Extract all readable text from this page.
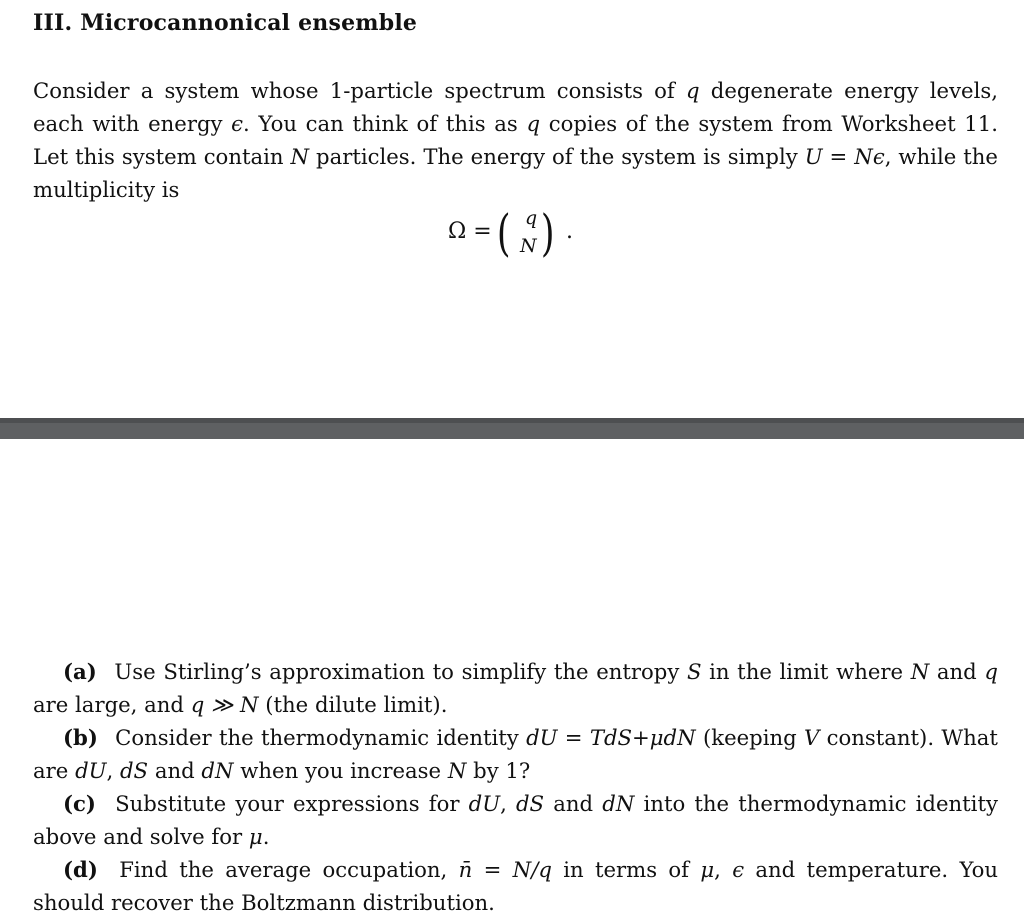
III. Microcannonical ensemble

Consider a system whose 1-particle spectrum consists of q degenerate energy levels, each with energy ϵ. You can think of this as q copies of the system from Worksheet 11. Let this system contain N particles. The energy of the system is simply U = Nϵ, while the multiplicity is

Ω = ( q
N ) .

(a) Use Stirling’s approximation to simplify the entropy S in the limit where N and q are large, and q ≫ N (the dilute limit).

(b) Consider the thermodynamic identity dU = TdS+μdN (keeping V constant). What are dU, dS and dN when you increase N by 1?

(c) Substitute your expressions for dU, dS and dN into the thermodynamic identity above and solve for μ.

(d) Find the average occupation, n̄ = N/q in terms of μ, ϵ and temperature. You should recover the Boltzmann distribution.
